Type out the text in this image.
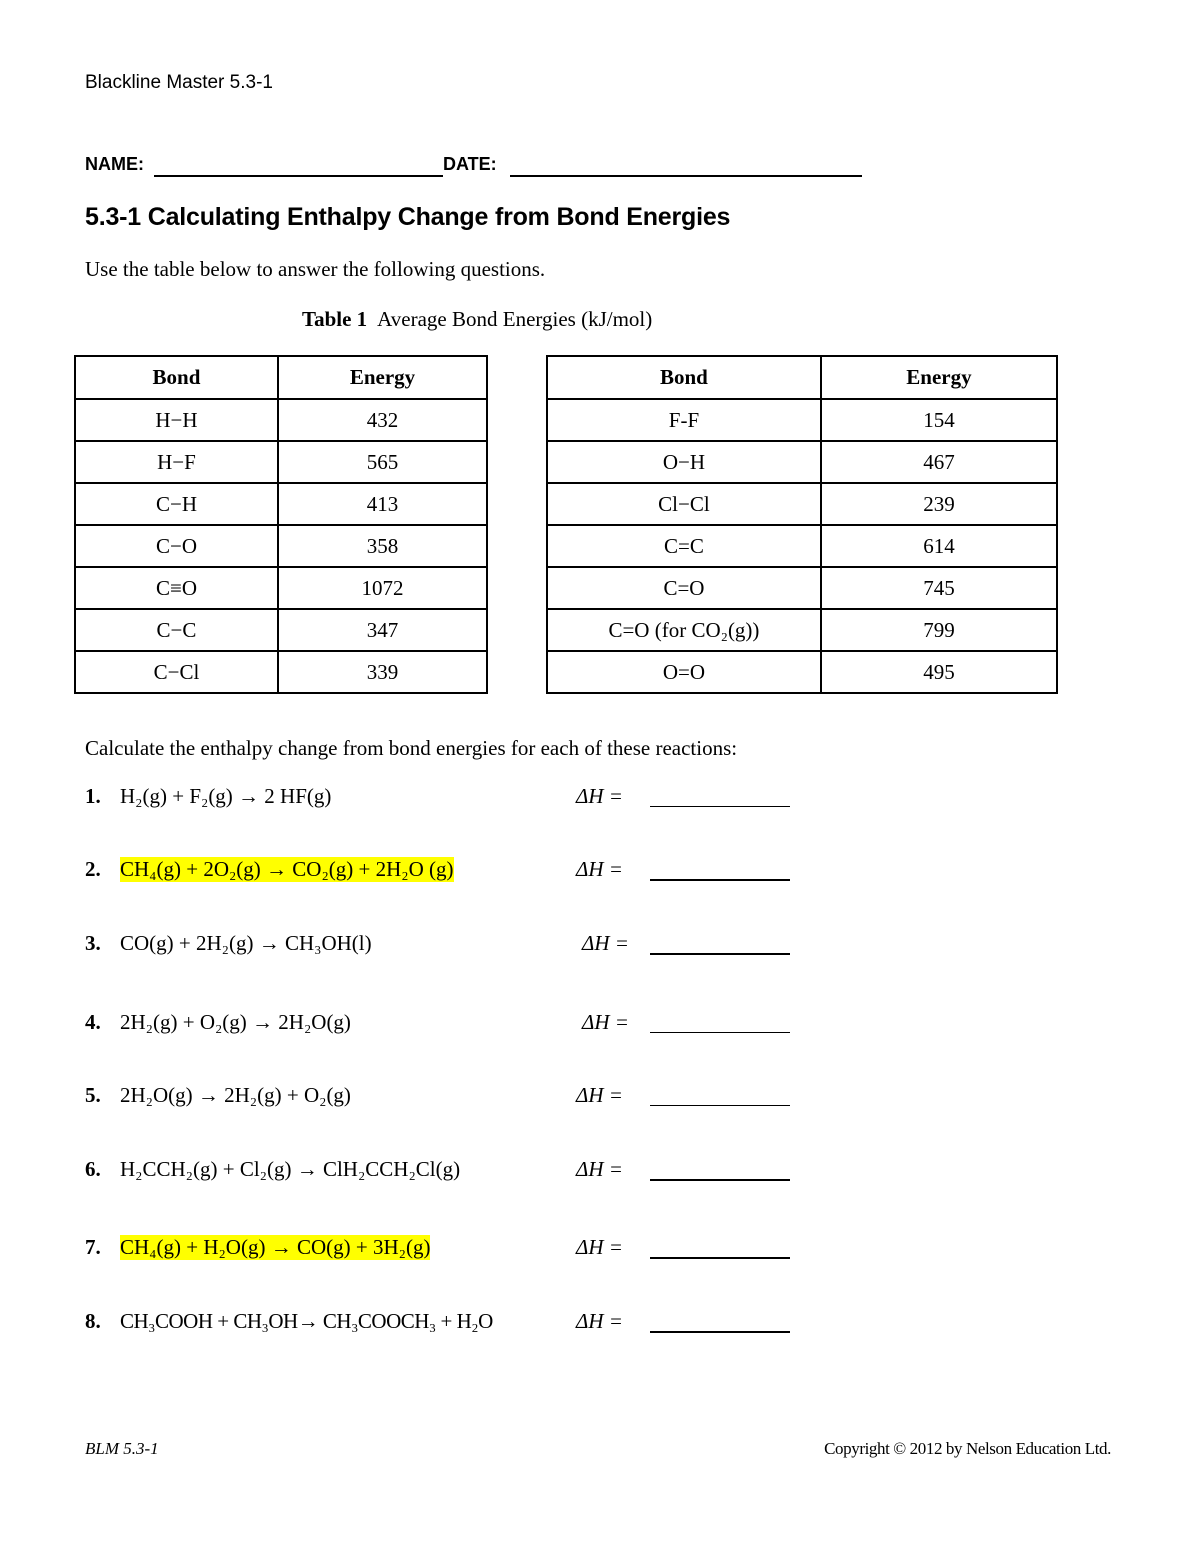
Blackline Master 5.3-1
NAME:	DATE:
5.3-1 Calculating Enthalpy Change from Bond Energies
Use the table below to answer the following questions.
Table 1 Average Bond Energies (kJ/mol)
Bond	Energy
H−H	432
H−F	565
C−H	413
C−O	358
C≡O	1072
C−C	347
C−Cl	339
Bond	Energy
F-F	154
O−H	467
Cl−Cl	239
C=C	614
C=O	745
C=O (for CO₂(g))	799
O=O	495
Calculate the enthalpy change from bond energies for each of these reactions:
1. H₂(g) + F₂(g) → 2 HF(g)	ΔH =
2. CH₄(g) + 2O₂(g) → CO₂(g) + 2H₂O (g)	ΔH =
3. CO(g) + 2H₂(g) → CH₃OH(l)	ΔH =
4. 2H₂(g) + O₂(g) → 2H₂O(g)	ΔH =
5. 2H₂O(g) → 2H₂(g) + O₂(g)	ΔH =
6. H₂CCH₂(g) + Cl₂(g) → ClH₂CCH₂Cl(g)	ΔH =
7. CH₄(g) + H₂O(g) → CO(g) + 3H₂(g)	ΔH =
8. CH₃COOH + CH₃OH→ CH₃COOCH₃ + H₂O	ΔH =
BLM 5.3-1	Copyright © 2012 by Nelson Education Ltd.
